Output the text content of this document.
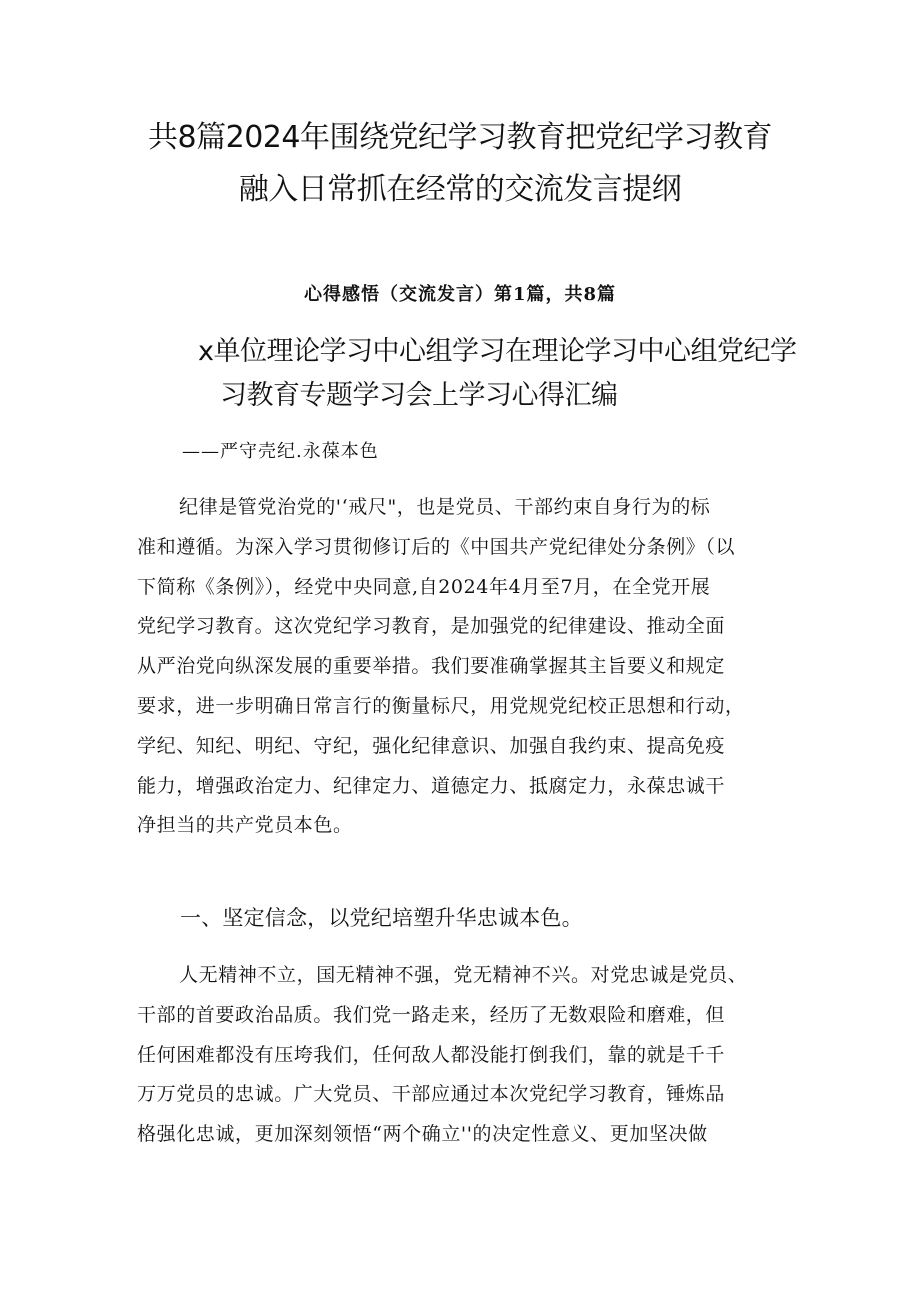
共8篇2024年围绕党纪学习教育把党纪学习教育
融入日常抓在经常的交流发言提纲
心得感悟（交流发言）第1篇，共8篇
x单位理论学习中心组学习在理论学习中心组党纪学
习教育专题学习会上学习心得汇编
——严守壳纪.永葆本色
纪律是管党治党的'‘戒尺"，也是党员、干部约束自身行为的标
准和遵循。为深入学习贯彻修订后的《中国共产党纪律处分条例》（以
下简称《条例》），经党中央同意,自2024年4月至7月，在全党开展
党纪学习教育。这次党纪学习教育，是加强党的纪律建设、推动全面
从严治党向纵深发展的重要举措。我们要准确掌握其主旨要义和规定
要求，进一步明确日常言行的衡量标尺，用党规党纪校正思想和行动，
学纪、知纪、明纪、守纪，强化纪律意识、加强自我约束、提高免疫
能力，增强政治定力、纪律定力、道德定力、抵腐定力，永葆忠诚干
净担当的共产党员本色。
一、坚定信念，以党纪培塑升华忠诚本色。
人无精神不立，国无精神不强，党无精神不兴。对党忠诚是党员、
干部的首要政治品质。我们党一路走来，经历了无数艰险和磨难，但
任何困难都没有压垮我们，任何敌人都没能打倒我们，靠的就是千千
万万党员的忠诚。广大党员、干部应通过本次党纪学习教育，锤炼品
格强化忠诚，更加深刻领悟“两个确立''的决定性意义、更加坚决做
